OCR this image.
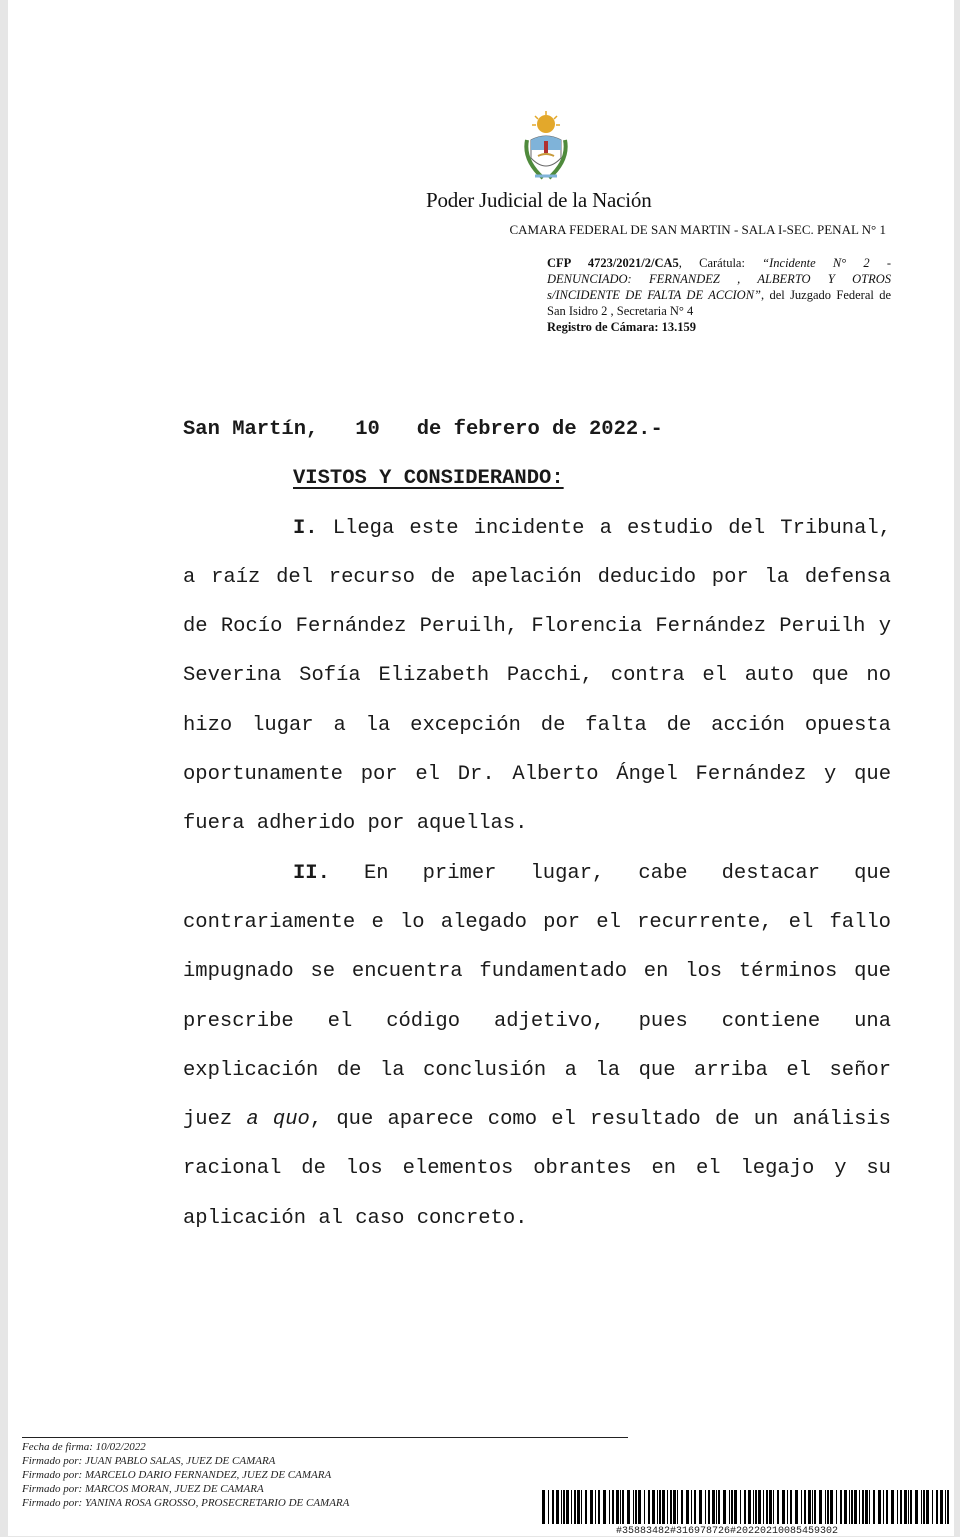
Poder Judicial de la Nación
CAMARA FEDERAL DE SAN MARTIN - SALA I-SEC. PENAL N° 1
CFP 4723/2021/2/CA5, Carátula: “Incidente N° 2 - DENUNCIADO: FERNANDEZ , ALBERTO Y OTROS s/INCIDENTE DE FALTA DE ACCION”, del Juzgado Federal de San Isidro 2 , Secretaria N° 4
Registro de Cámara: 13.159

San Martín,   10   de febrero de 2022.-

VISTOS Y CONSIDERANDO:

I. Llega este incidente a estudio del Tribunal, a raíz del recurso de apelación deducido por la defensa de Rocío Fernández Peruilh, Florencia Fernández Peruilh y Severina Sofía Elizabeth Pacchi, contra el auto que no hizo lugar a la excepción de falta de acción opuesta oportunamente por el Dr. Alberto Ángel Fernández y que fuera adherido por aquellas.

II. En primer lugar, cabe destacar que contrariamente e lo alegado por el recurrente, el fallo impugnado se encuentra fundamentado en los términos que prescribe el código adjetivo, pues contiene una explicación de la conclusión a la que arriba el señor juez a quo, que aparece como el resultado de un análisis racional de los elementos obrantes en el legajo y su aplicación al caso concreto.

Fecha de firma: 10/02/2022
Firmado por: JUAN PABLO SALAS, JUEZ DE CAMARA
Firmado por: MARCELO DARIO FERNANDEZ, JUEZ DE CAMARA
Firmado por: MARCOS MORAN, JUEZ DE CAMARA
Firmado por: YANINA ROSA GROSSO, PROSECRETARIO DE CAMARA
#35883482#316978726#20220210085459302
